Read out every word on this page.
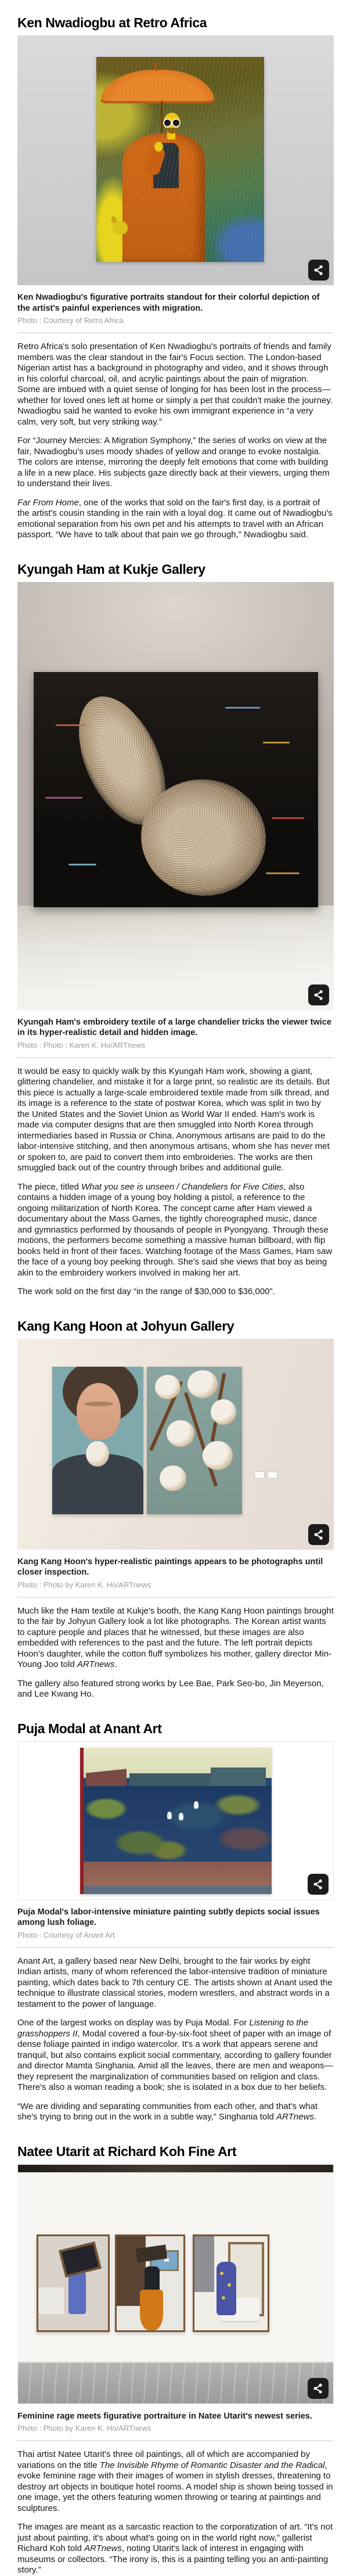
Ken Nwadiogbu at Retro Africa
Ken Nwadiogbu's figurative portraits standout for their colorful depiction of the artist's painful experiences with migration.
Photo : Courtesy of Retro Africa

Retro Africa's solo presentation of Ken Nwadiogbu's portraits of friends and family members was the clear standout in the fair's Focus section. The London-based Nigerian artist has a background in photography and video, and it shows through in his colorful charcoal, oil, and acrylic paintings about the pain of migration. Some are imbued with a quiet sense of longing for has been lost in the process—whether for loved ones left at home or simply a pet that couldn't make the journey. Nwadiogbu said he wanted to evoke his own immigrant experience in “a very calm, very soft, but very striking way.”

For “Journey Mercies: A Migration Symphony,” the series of works on view at the fair, Nwadiogbu's uses moody shades of yellow and orange to evoke nostalgia. The colors are intense, mirroring the deeply felt emotions that come with building a life in a new place. His subjects gaze directly back at their viewers, urging them to understand their lives.

Far From Home, one of the works that sold on the fair's first day, is a portrait of the artist's cousin standing in the rain with a loyal dog. It came out of Nwadiogbu's emotional separation from his own pet and his attempts to travel with an African passport. “We have to talk about that pain we go through,” Nwadiogbu said.

Kyungah Ham at Kukje Gallery
Kyungah Ham's embroidery textile of a large chandelier tricks the viewer twice in its hyper-realistic detail and hidden image.
Photo : Photo : Karen K. Ho/ARTnews

It would be easy to quickly walk by this Kyungah Ham work, showing a giant, glittering chandelier, and mistake it for a large print, so realistic are its details. But this piece is actually a large-scale embroidered textile made from silk thread, and its image is a reference to the state of postwar Korea, which was split in two by the United States and the Soviet Union as World War II ended. Ham's work is made via computer designs that are then smuggled into North Korea through intermediaries based in Russia or China. Anonymous artisans are paid to do the labor-intensive stitching, and then anonymous artisans, whom she has never met or spoken to, are paid to convert them into embroideries. The works are then smuggled back out of the country through bribes and additional guile.

The piece, titled What you see is unseen / Chandeliers for Five Cities, also contains a hidden image of a young boy holding a pistol, a reference to the ongoing militarization of North Korea. The concept came after Ham viewed a documentary about the Mass Games, the tightly choreographed music, dance and gymnastics performed by thousands of people in Pyongyang. Through these motions, the performers become something a massive human billboard, with flip books held in front of their faces. Watching footage of the Mass Games, Ham saw the face of a young boy peeking through. She's said she views that boy as being akin to the embroidery workers involved in making her art.

The work sold on the first day “in the range of $30,000 to $36,000”.

Kang Kang Hoon at Johyun Gallery
Kang Kang Hoon's hyper-realistic paintings appears to be photographs until closer inspection.
Photo : Photo by Karen K. Ho/ARTnews

Much like the Ham textile at Kukje's booth, the Kang Kang Hoon paintings brought to the fair by Johyun Gallery look a lot like photographs. The Korean artist wants to capture people and places that he witnessed, but these images are also embedded with references to the past and the future. The left portrait depicts Hoon's daughter, while the cotton fluff symbolizes his mother, gallery director Min-Young Joo told ARTnews.

The gallery also featured strong works by Lee Bae, Park Seo-bo, Jin Meyerson, and Lee Kwang Ho.

Puja Modal at Anant Art
Puja Modal's labor-intensive miniature painting subtly depicts social issues among lush foliage.
Photo : Courtesy of Anant Art

Anant Art, a gallery based near New Delhi, brought to the fair works by eight Indian artists, many of whom referenced the labor-intensive tradition of miniature painting, which dates back to 7th century CE. The artists shown at Anant used the technique to illustrate classical stories, modern wrestlers, and abstract words in a testament to the power of language.

One of the largest works on display was by Puja Modal. For Listening to the grasshoppers II, Modal covered a four-by-six-foot sheet of paper with an image of dense foliage painted in indigo watercolor. It's a work that appears serene and tranquil, but also contains explicit social commentary, according to gallery founder and director Mamta Singhania. Amid all the leaves, there are men and weapons—they represent the marginalization of communities based on religion and class. There's also a woman reading a book; she is isolated in a box due to her beliefs.

“We are dividing and separating communities from each other, and that's what she's trying to bring out in the work in a subtle way,” Singhania told ARTnews.

Natee Utarit at Richard Koh Fine Art
Feminine rage meets figurative portraiture in Natee Utarit's newest series.
Photo : Photo by Karen K. Ho/ARTnews

Thai artist Natee Utarit's three oil paintings, all of which are accompanied by variations on the title The Invisible Rhyme of Romantic Disaster and the Radical, evoke feminine rage with their images of women in stylish dresses, threatening to destroy art objects in boutique hotel rooms. A model ship is shown being tossed in one image, yet the others featuring women throwing or tearing at paintings and sculptures.

The images are meant as a sarcastic reaction to the corporatization of art. “It's not just about painting, it's about what's going on in the world right now,” gallerist Richard Koh told ARTnews, noting Utarit's lack of interest in engaging with museums or collectors. “The irony is, this is a painting telling you an anti-painting story.”
